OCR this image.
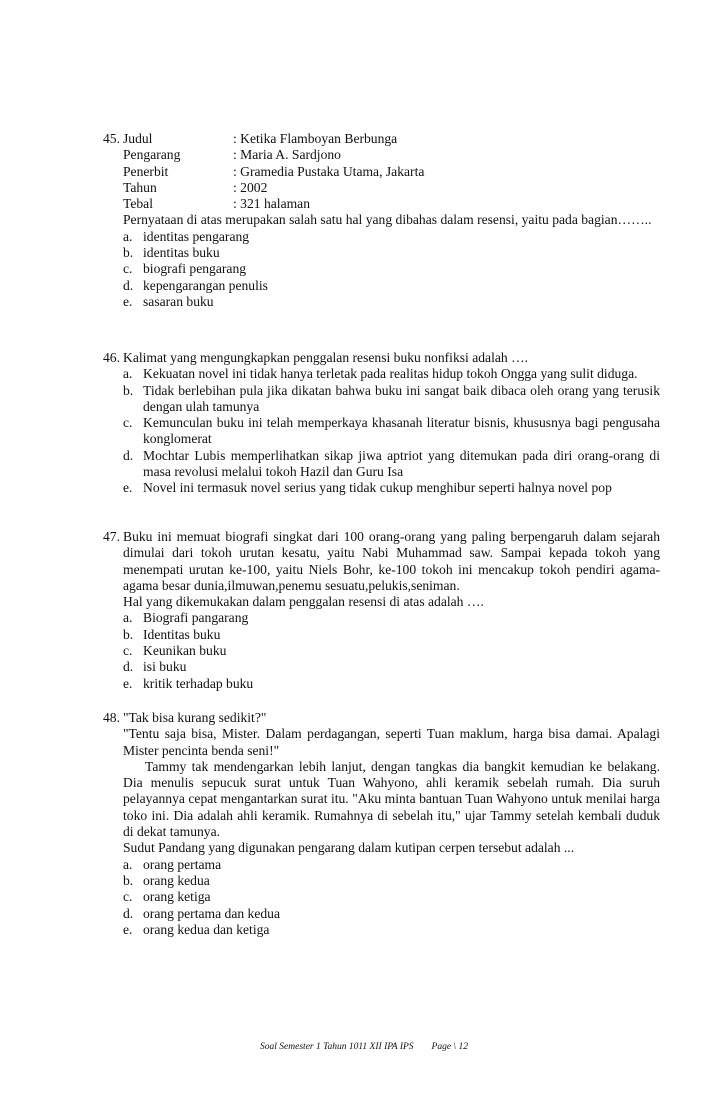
45. Judul	: Ketika Flamboyan Berbunga
Pengarang	: Maria A. Sardjono
Penerbit	: Gramedia Pustaka Utama, Jakarta
Tahun	: 2002
Tebal	: 321 halaman
Pernyataan di atas merupakan salah satu hal yang dibahas dalam resensi, yaitu pada bagian……..
a. identitas pengarang
b. identitas buku
c. biografi pengarang
d. kepengarangan penulis
e. sasaran buku
46. Kalimat yang mengungkapkan penggalan resensi buku nonfiksi adalah ….
a. Kekuatan novel ini tidak hanya terletak pada realitas hidup tokoh Ongga yang sulit diduga.
b. Tidak berlebihan pula jika dikatan bahwa buku ini sangat baik dibaca oleh orang yang terusik dengan ulah tamunya
c. Kemunculan buku ini telah memperkaya khasanah literatur bisnis, khususnya bagi pengusaha konglomerat
d. Mochtar Lubis memperlihatkan sikap jiwa aptriot yang ditemukan pada diri orang-orang di masa revolusi melalui tokoh Hazil dan Guru Isa
e. Novel ini termasuk novel serius yang tidak cukup menghibur seperti halnya novel pop
47. Buku ini memuat biografi singkat dari 100 orang-orang yang paling berpengaruh dalam sejarah dimulai dari tokoh urutan kesatu, yaitu Nabi Muhammad saw. Sampai kepada tokoh yang menempati urutan ke-100, yaitu Niels Bohr, ke-100 tokoh ini mencakup tokoh pendiri agama-agama besar dunia,ilmuwan,penemu sesuatu,pelukis,seniman.
Hal yang dikemukakan dalam penggalan resensi di atas adalah ….
a. Biografi pangarang
b. Identitas buku
c. Keunikan buku
d. isi buku
e. kritik terhadap buku
48. "Tak bisa kurang sedikit?"
"Tentu saja bisa, Mister. Dalam perdagangan, seperti Tuan maklum, harga bisa damai. Apalagi Mister pencinta benda seni!"
Tammy tak mendengarkan lebih lanjut, dengan tangkas dia bangkit kemudian ke belakang. Dia menulis sepucuk surat untuk Tuan Wahyono, ahli keramik sebelah rumah. Dia suruh pelayannya cepat mengantarkan surat itu. "Aku minta bantuan Tuan Wahyono untuk menilai harga toko ini. Dia adalah ahli keramik. Rumahnya di sebelah itu," ujar Tammy setelah kembali duduk di dekat tamunya.
Sudut Pandang yang digunakan pengarang dalam kutipan cerpen tersebut adalah ...
a. orang pertama
b. orang kedua
c. orang ketiga
d. orang pertama dan kedua
e. orang kedua dan ketiga
Soal Semester 1 Tahun 1011 XII IPA IPS Page \ 12
